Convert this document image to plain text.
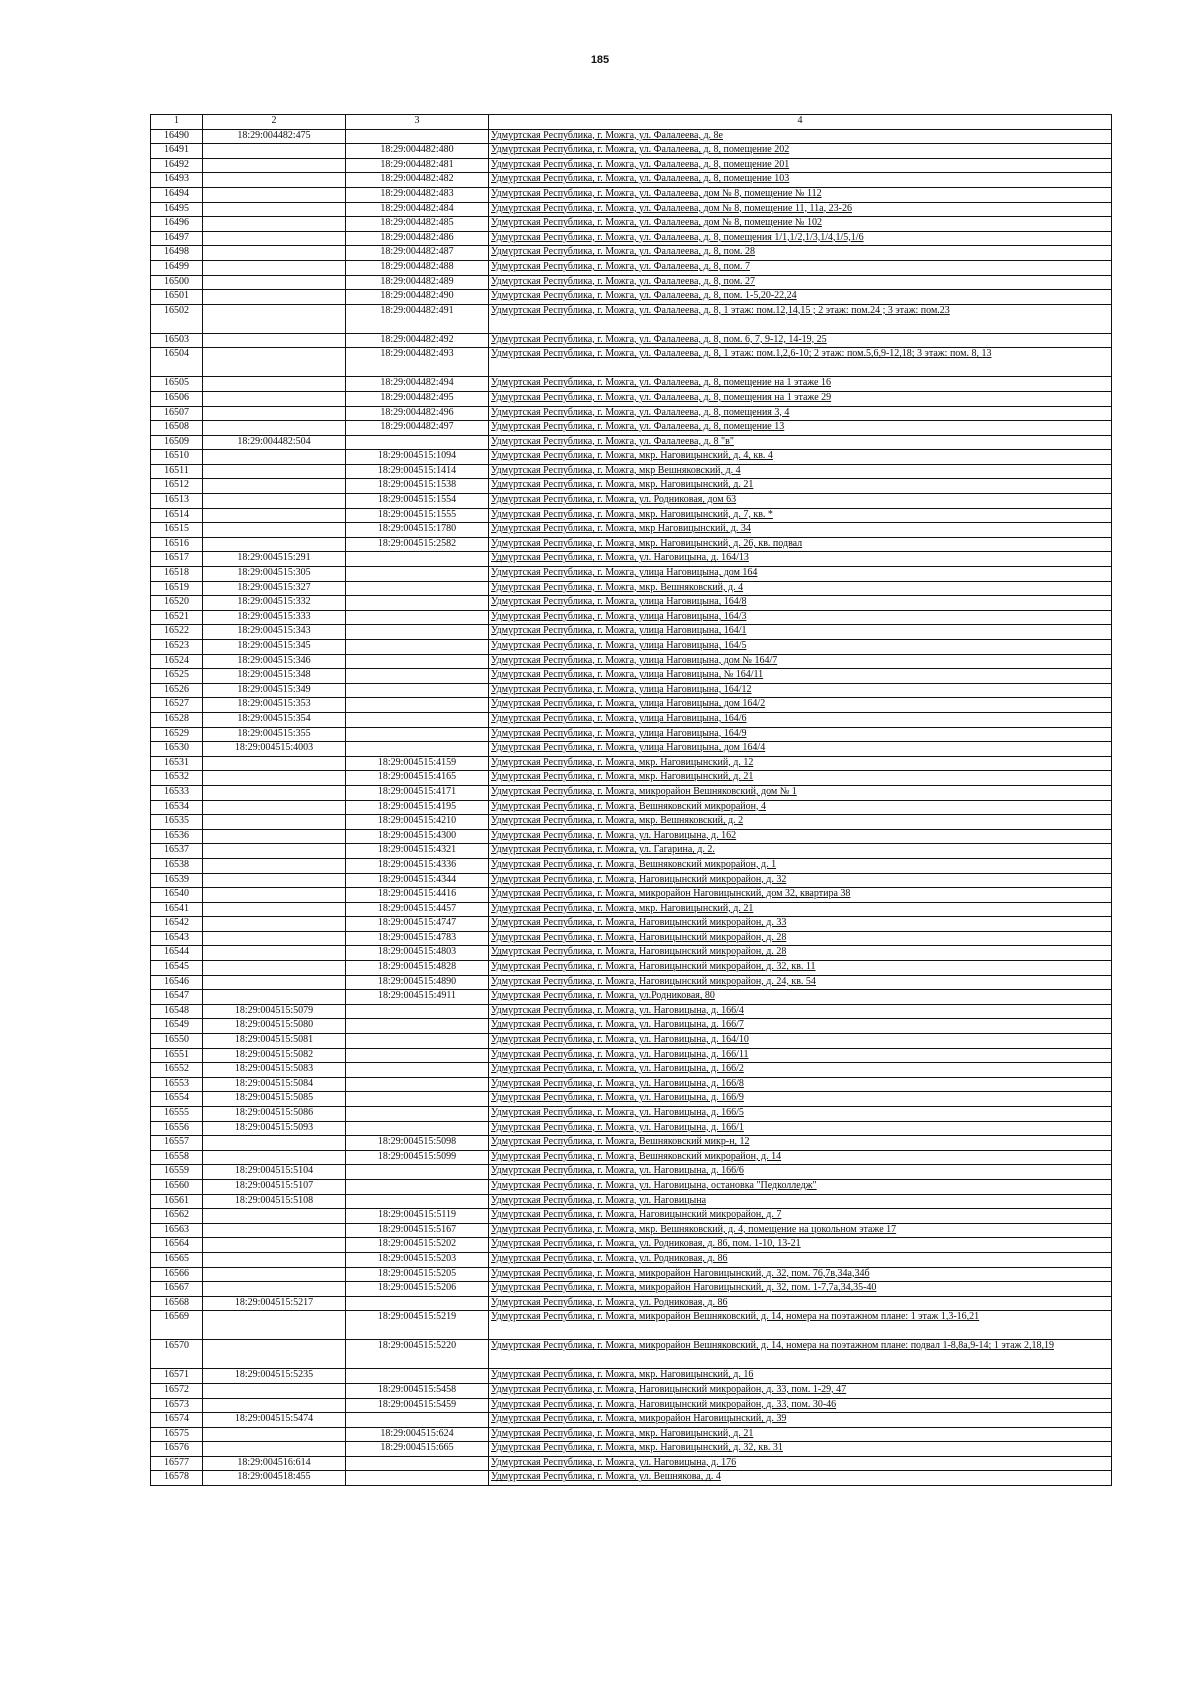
185
1	2	3	4
16490	18:29:004482:475		Удмуртская Республика, г. Можга, ул. Фалалеева, д. 8е
16491		18:29:004482:480	Удмуртская Республика, г. Можга, ул. Фалалеева, д. 8, помещение 202
16492		18:29:004482:481	Удмуртская Республика, г. Можга, ул. Фалалеева, д. 8, помещение 201
16493		18:29:004482:482	Удмуртская Республика, г. Можга, ул. Фалалеева, д. 8, помещение 103
16494		18:29:004482:483	Удмуртская Республика, г. Можга, ул. Фалалеева, дом № 8, помещение № 112
16495		18:29:004482:484	Удмуртская Республика, г. Можга, ул. Фалалеева, дом № 8, помещение 11, 11а, 23-26
16496		18:29:004482:485	Удмуртская Республика, г. Можга, ул. Фалалеева, дом № 8, помещение № 102
16497		18:29:004482:486	Удмуртская Республика, г. Можга, ул. Фалалеева, д. 8, помещения 1/1,1/2,1/3,1/4,1/5,1/6
16498		18:29:004482:487	Удмуртская Республика, г. Можга, ул. Фалалеева, д. 8, пом. 28
16499		18:29:004482:488	Удмуртская Республика, г. Можга, ул. Фалалеева, д. 8, пом. 7
16500		18:29:004482:489	Удмуртская Республика, г. Можга, ул. Фалалеева, д. 8, пом. 27
16501		18:29:004482:490	Удмуртская Республика, г. Можга, ул. Фалалеева, д. 8, пом. 1-5,20-22,24
16502		18:29:004482:491	Удмуртская Республика, г. Можга, ул. Фалалеева, д. 8, 1 этаж: пом.12,14,15 ; 2 этаж: пом.24 ; 3 этаж: пом.23
16503		18:29:004482:492	Удмуртская Республика, г. Можга, ул. Фалалеева, д. 8, пом. 6, 7, 9-12, 14-19, 25
16504		18:29:004482:493	Удмуртская Республика, г. Можга, ул. Фалалеева, д. 8, 1 этаж: пом.1,2,6-10; 2 этаж: пом.5,6,9-12,18; 3 этаж: пом. 8, 13
16505		18:29:004482:494	Удмуртская Республика, г. Можга, ул. Фалалеева, д. 8, помещение на 1 этаже 16
16506		18:29:004482:495	Удмуртская Республика, г. Можга, ул. Фалалеева, д. 8, помещения на 1 этаже 29
16507		18:29:004482:496	Удмуртская Республика, г. Можга, ул. Фалалеева, д. 8, помещения 3, 4
16508		18:29:004482:497	Удмуртская Республика, г. Можга, ул. Фалалеева, д. 8, помещение 13
16509	18:29:004482:504		Удмуртская Республика, г. Можга, ул. Фалалеева, д. 8 "в"
16510		18:29:004515:1094	Удмуртская Республика, г. Можга, мкр. Наговицынский, д. 4, кв. 4
16511		18:29:004515:1414	Удмуртская Республика, г. Можга, мкр Вешняковский, д. 4
16512		18:29:004515:1538	Удмуртская Республика, г. Можга, мкр. Наговицынский, д. 21
16513		18:29:004515:1554	Удмуртская Республика, г. Можга, ул. Родниковая, дом 63
16514		18:29:004515:1555	Удмуртская Республика, г. Можга, мкр. Наговицынский, д. 7, кв. *
16515		18:29:004515:1780	Удмуртская Республика, г. Можга, мкр Наговицынский, д. 34
16516		18:29:004515:2582	Удмуртская Республика, г. Можга, мкр. Наговицынский, д. 26, кв. подвал
16517	18:29:004515:291		Удмуртская Республика, г. Можга, ул. Наговицына, д. 164/13
16518	18:29:004515:305		Удмуртская Республика, г. Можга, улица Наговицына, дом 164
16519	18:29:004515:327		Удмуртская Республика, г. Можга, мкр. Вешняковский, д. 4
16520	18:29:004515:332		Удмуртская Республика, г. Можга, улица Наговицына, 164/8
16521	18:29:004515:333		Удмуртская Республика, г. Можга, улица Наговицына, 164/3
16522	18:29:004515:343		Удмуртская Республика, г. Можга, улица Наговицына, 164/1
16523	18:29:004515:345		Удмуртская Республика, г. Можга, улица Наговицына, 164/5
16524	18:29:004515:346		Удмуртская Республика, г. Можга, улица Наговицына, дом № 164/7
16525	18:29:004515:348		Удмуртская Республика, г. Можга, улица Наговицына, № 164/11
16526	18:29:004515:349		Удмуртская Республика, г. Можга, улица Наговицына, 164/12
16527	18:29:004515:353		Удмуртская Республика, г. Можга, улица Наговицына, дом 164/2
16528	18:29:004515:354		Удмуртская Республика, г. Можга, улица Наговицына, 164/6
16529	18:29:004515:355		Удмуртская Республика, г. Можга, улица Наговицына, 164/9
16530	18:29:004515:4003		Удмуртская Республика, г. Можга, улица Наговицына, дом 164/4
16531		18:29:004515:4159	Удмуртская Республика, г. Можга, мкр. Наговицынский, д. 12
16532		18:29:004515:4165	Удмуртская Республика, г. Можга, мкр. Наговицынский, д. 21
16533		18:29:004515:4171	Удмуртская Республика, г. Можга, микрорайон Вешняковский, дом № 1
16534		18:29:004515:4195	Удмуртская Республика, г. Можга, Вешняковский микрорайон, 4
16535		18:29:004515:4210	Удмуртская Республика, г. Можга, мкр. Вешняковский, д. 2
16536		18:29:004515:4300	Удмуртская Республика, г. Можга, ул. Наговицына, д. 162
16537		18:29:004515:4321	Удмуртская Республика, г. Можга, ул. Гагарина, д. 2.
16538		18:29:004515:4336	Удмуртская Республика, г. Можга, Вешняковский микрорайон, д. 1
16539		18:29:004515:4344	Удмуртская Республика, г. Можга, Наговицынский микрорайон, д. 32
16540		18:29:004515:4416	Удмуртская Республика, г. Можга, микрорайон Наговицынский, дом 32, квартира 38
16541		18:29:004515:4457	Удмуртская Республика, г. Можга, мкр. Наговицынский, д. 21
16542		18:29:004515:4747	Удмуртская Республика, г. Можга, Наговицынский микрорайон, д. 33
16543		18:29:004515:4783	Удмуртская Республика, г. Можга, Наговицынский микрорайон, д. 28
16544		18:29:004515:4803	Удмуртская Республика, г. Можга, Наговицынский микрорайон, д. 28
16545		18:29:004515:4828	Удмуртская Республика, г. Можга, Наговицынский микрорайон, д. 32, кв. 11
16546		18:29:004515:4890	Удмуртская Республика, г. Можга, Наговицынский микрорайон, д. 24, кв. 54
16547		18:29:004515:4911	Удмуртская Республика, г. Можга, ул.Родниковая, 80
16548	18:29:004515:5079		Удмуртская Республика, г. Можга, ул. Наговицына, д. 166/4
16549	18:29:004515:5080		Удмуртская Республика, г. Можга, ул. Наговицына, д. 166/7
16550	18:29:004515:5081		Удмуртская Республика, г. Можга, ул. Наговицына, д. 164/10
16551	18:29:004515:5082		Удмуртская Республика, г. Можга, ул. Наговицына, д. 166/11
16552	18:29:004515:5083		Удмуртская Республика, г. Можга, ул. Наговицына, д. 166/2
16553	18:29:004515:5084		Удмуртская Республика, г. Можга, ул. Наговицына, д. 166/8
16554	18:29:004515:5085		Удмуртская Республика, г. Можга, ул. Наговицына, д. 166/9
16555	18:29:004515:5086		Удмуртская Республика, г. Можга, ул. Наговицына, д. 166/5
16556	18:29:004515:5093		Удмуртская Республика, г. Можга, ул. Наговицына, д. 166/1
16557		18:29:004515:5098	Удмуртская Республика, г. Можга, Вешняковский микр-н, 12
16558		18:29:004515:5099	Удмуртская Республика, г. Можга, Вешняковский микрорайон, д. 14
16559	18:29:004515:5104		Удмуртская Республика, г. Можга, ул. Наговицына, д. 166/6
16560	18:29:004515:5107		Удмуртская Республика, г. Можга, ул. Наговицына, остановка "Педколледж"
16561	18:29:004515:5108		Удмуртская Республика, г. Можга, ул. Наговицына
16562		18:29:004515:5119	Удмуртская Республика, г. Можга, Наговицынский микрорайон, д. 7
16563		18:29:004515:5167	Удмуртская Республика, г. Можга, мкр. Вешняковский, д. 4, помещение на цокольном этаже 17
16564		18:29:004515:5202	Удмуртская Республика, г. Можга, ул. Родниковая, д. 86, пом. 1-10, 13-21
16565		18:29:004515:5203	Удмуртская Республика, г. Можга, ул. Родниковая, д. 86
16566		18:29:004515:5205	Удмуртская Республика, г. Можга, микрорайон Наговицынский, д. 32, пом. 76,7в,34а,34б
16567		18:29:004515:5206	Удмуртская Республика, г. Можга, микрорайон Наговицынский, д. 32, пом. 1-7,7а,34,35-40
16568	18:29:004515:5217		Удмуртская Республика, г. Можга, ул. Родниковая, д. 86
16569		18:29:004515:5219	Удмуртская Республика, г. Можга, микрорайон Вешняковский, д. 14, номера на поэтажном плане: 1 этаж 1,3-16,21
16570		18:29:004515:5220	Удмуртская Республика, г. Можга, микрорайон Вешняковский, д. 14, номера на поэтажном плане: подвал 1-8,8а,9-14; 1 этаж 2,18,19
16571	18:29:004515:5235		Удмуртская Республика, г. Можга, мкр. Наговицынский, д. 16
16572		18:29:004515:5458	Удмуртская Республика, г. Можга, Наговицынский микрорайон, д. 33, пом. 1-29, 47
16573		18:29:004515:5459	Удмуртская Республика, г. Можга, Наговицынский микрорайон, д. 33, пом. 30-46
16574	18:29:004515:5474		Удмуртская Республика, г. Можга, микрорайон Наговицынский, д. 39
16575		18:29:004515:624	Удмуртская Республика, г. Можга, мкр. Наговицынский, д. 21
16576		18:29:004515:665	Удмуртская Республика, г. Можга, мкр. Наговицынский, д. 32, кв. 31
16577	18:29:004516:614		Удмуртская Республика, г. Можга, ул. Наговицына, д. 176
16578	18:29:004518:455		Удмуртская Республика, г. Можга, ул. Вешнякова, д. 4
